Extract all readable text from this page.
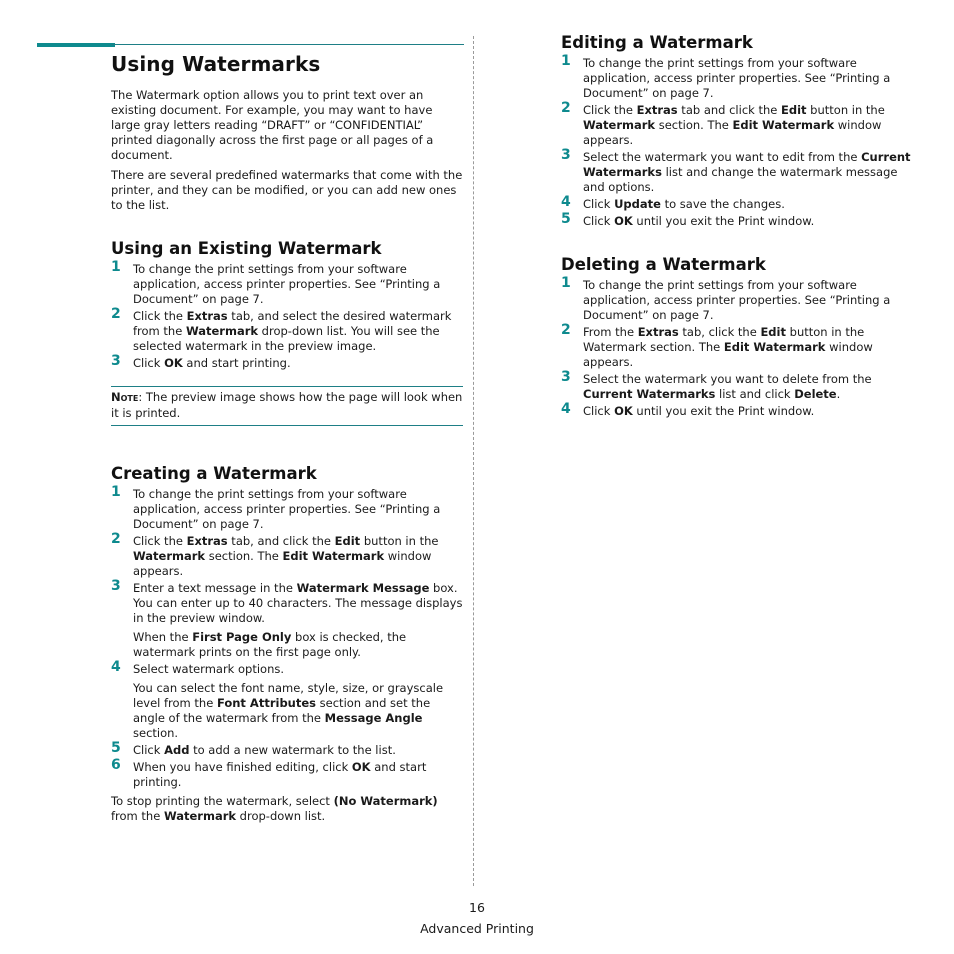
Using Watermarks

The Watermark option allows you to print text over an existing document. For example, you may want to have large gray letters reading “DRAFT” or “CONFIDENTIAL” printed diagonally across the first page or all pages of a document.

There are several predefined watermarks that come with the printer, and they can be modified, or you can add new ones to the list.

Using an Existing Watermark
1 To change the print settings from your software application, access printer properties. See “Printing a Document” on page 7.
2 Click the Extras tab, and select the desired watermark from the Watermark drop-down list. You will see the selected watermark in the preview image.
3 Click OK and start printing.
Note: The preview image shows how the page will look when it is printed.
Creating a Watermark
1 To change the print settings from your software application, access printer properties. See “Printing a Document” on page 7.
2 Click the Extras tab, and click the Edit button in the Watermark section. The Edit Watermark window appears.
3 Enter a text message in the Watermark Message box. You can enter up to 40 characters. The message displays in the preview window.
When the First Page Only box is checked, the watermark prints on the first page only.
4 Select watermark options.
You can select the font name, style, size, or grayscale level from the Font Attributes section and set the angle of the watermark from the Message Angle section.
5 Click Add to add a new watermark to the list.
6 When you have finished editing, click OK and start printing.

To stop printing the watermark, select (No Watermark) from the Watermark drop-down list.

Editing a Watermark
1 To change the print settings from your software application, access printer properties. See “Printing a Document” on page 7.
2 Click the Extras tab and click the Edit button in the Watermark section. The Edit Watermark window appears.
3 Select the watermark you want to edit from the Current Watermarks list and change the watermark message and options.
4 Click Update to save the changes.
5 Click OK until you exit the Print window.
Deleting a Watermark
1 To change the print settings from your software application, access printer properties. See “Printing a Document” on page 7.
2 From the Extras tab, click the Edit button in the Watermark section. The Edit Watermark window appears.
3 Select the watermark you want to delete from the Current Watermarks list and click Delete.
4 Click OK until you exit the Print window.
16
Advanced Printing
